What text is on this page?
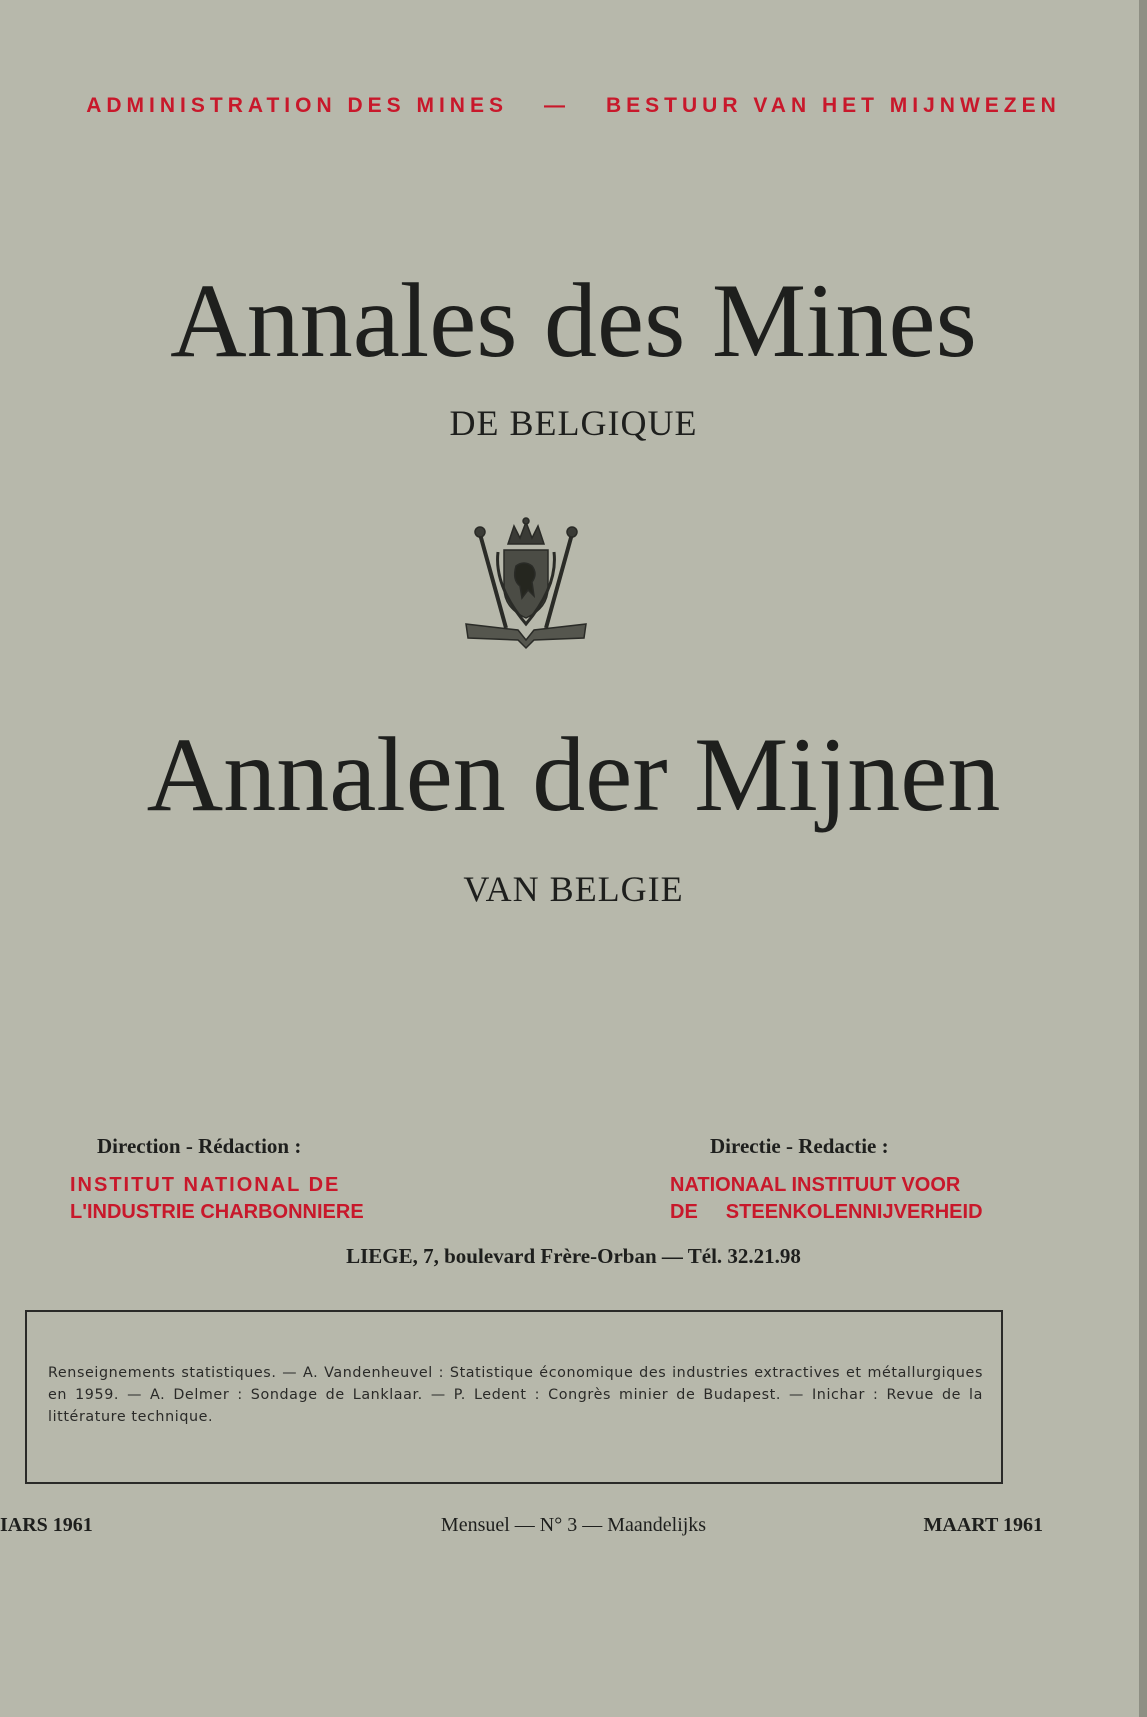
ADMINISTRATION DES MINES — BESTUUR VAN HET MIJNWEZEN
Annales des Mines
DE BELGIQUE
Annalen der Mijnen
VAN BELGIE
Direction - Rédaction :	Directie - Redactie :
INSTITUT NATIONAL DE
L'INDUSTRIE CHARBONNIERE
NATIONAAL INSTITUUT VOOR
DE STEENKOLENNIJVERHEID
LIEGE, 7, boulevard Frère-Orban — Tél. 32.21.98
Renseignements statistiques. — A. Vandenheuvel : Statistique économique des industries extractives et métallurgiques en 1959. — A. Delmer : Sondage de Lanklaar. — P. Ledent : Congrès minier de Budapest. — Inichar : Revue de la littérature technique.
IARS 1961	Mensuel — N° 3 — Maandelijks	MAART 1961
